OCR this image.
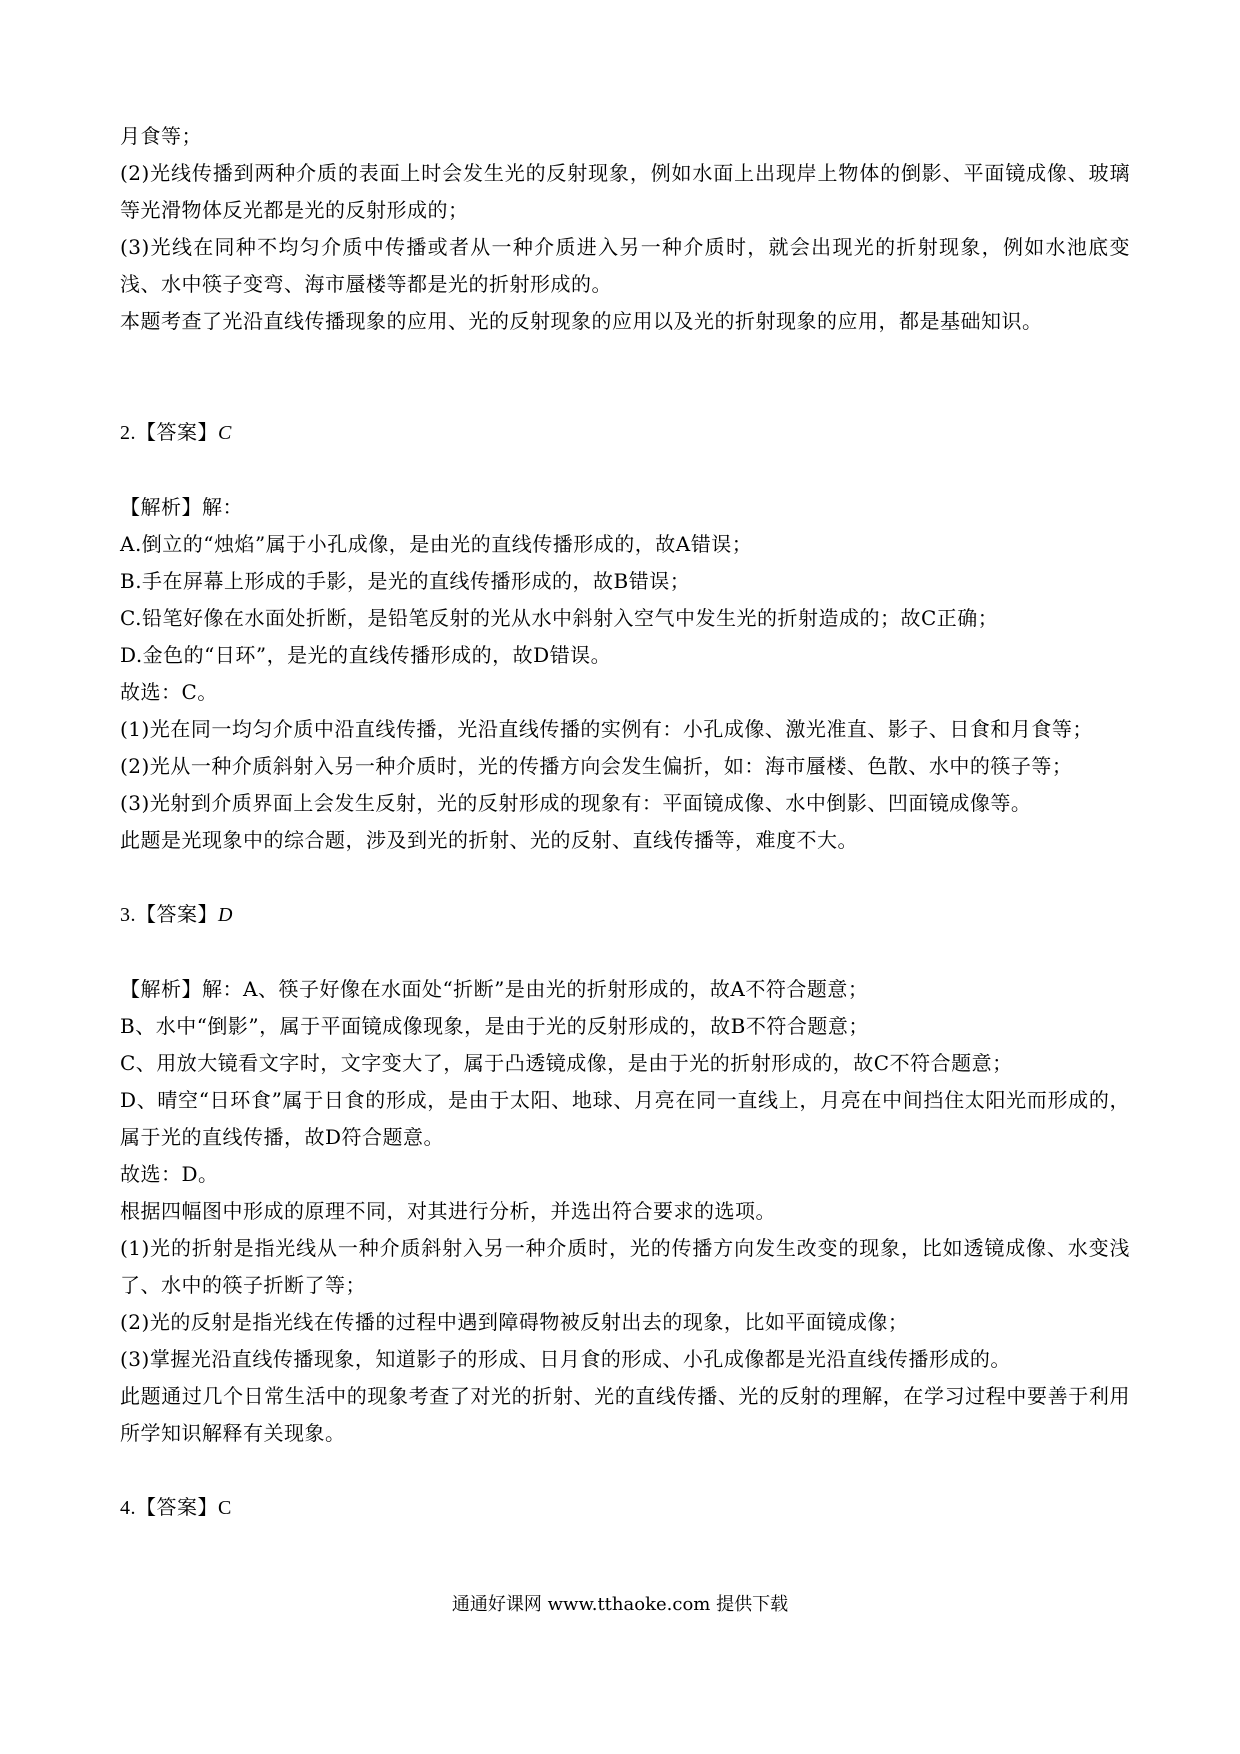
月食等；

(2)光线传播到两种介质的表面上时会发生光的反射现象，例如水面上出现岸上物体的倒影、平面镜成像、玻璃等光滑物体反光都是光的反射形成的；

(3)光线在同种不均匀介质中传播或者从一种介质进入另一种介质时，就会出现光的折射现象，例如水池底变浅、水中筷子变弯、海市蜃楼等都是光的折射形成的。

本题考查了光沿直线传播现象的应用、光的反射现象的应用以及光的折射现象的应用，都是基础知识。

2.【答案】C

【解析】解：

A.倒立的“烛焰”属于小孔成像，是由光的直线传播形成的，故A错误；

B.手在屏幕上形成的手影，是光的直线传播形成的，故B错误；

C.铅笔好像在水面处折断，是铅笔反射的光从水中斜射入空气中发生光的折射造成的；故C正确；

D.金色的“日环”，是光的直线传播形成的，故D错误。

故选：C。

(1)光在同一均匀介质中沿直线传播，光沿直线传播的实例有：小孔成像、激光准直、影子、日食和月食等；

(2)光从一种介质斜射入另一种介质时，光的传播方向会发生偏折，如：海市蜃楼、色散、水中的筷子等；

(3)光射到介质界面上会发生反射，光的反射形成的现象有：平面镜成像、水中倒影、凹面镜成像等。

此题是光现象中的综合题，涉及到光的折射、光的反射、直线传播等，难度不大。

3.【答案】D

【解析】解：A、筷子好像在水面处“折断”是由光的折射形成的，故A不符合题意；

B、水中“倒影”，属于平面镜成像现象，是由于光的反射形成的，故B不符合题意；

C、用放大镜看文字时，文字变大了，属于凸透镜成像，是由于光的折射形成的，故C不符合题意；

D、晴空“日环食”属于日食的形成，是由于太阳、地球、月亮在同一直线上，月亮在中间挡住太阳光而形成的，属于光的直线传播，故D符合题意。

故选：D。

根据四幅图中形成的原理不同，对其进行分析，并选出符合要求的选项。

(1)光的折射是指光线从一种介质斜射入另一种介质时，光的传播方向发生改变的现象，比如透镜成像、水变浅了、水中的筷子折断了等；

(2)光的反射是指光线在传播的过程中遇到障碍物被反射出去的现象，比如平面镜成像；

(3)掌握光沿直线传播现象，知道影子的形成、日月食的形成、小孔成像都是光沿直线传播形成的。

此题通过几个日常生活中的现象考查了对光的折射、光的直线传播、光的反射的理解，在学习过程中要善于利用所学知识解释有关现象。

4.【答案】C

通通好课网 www.tthaoke.com 提供下载
